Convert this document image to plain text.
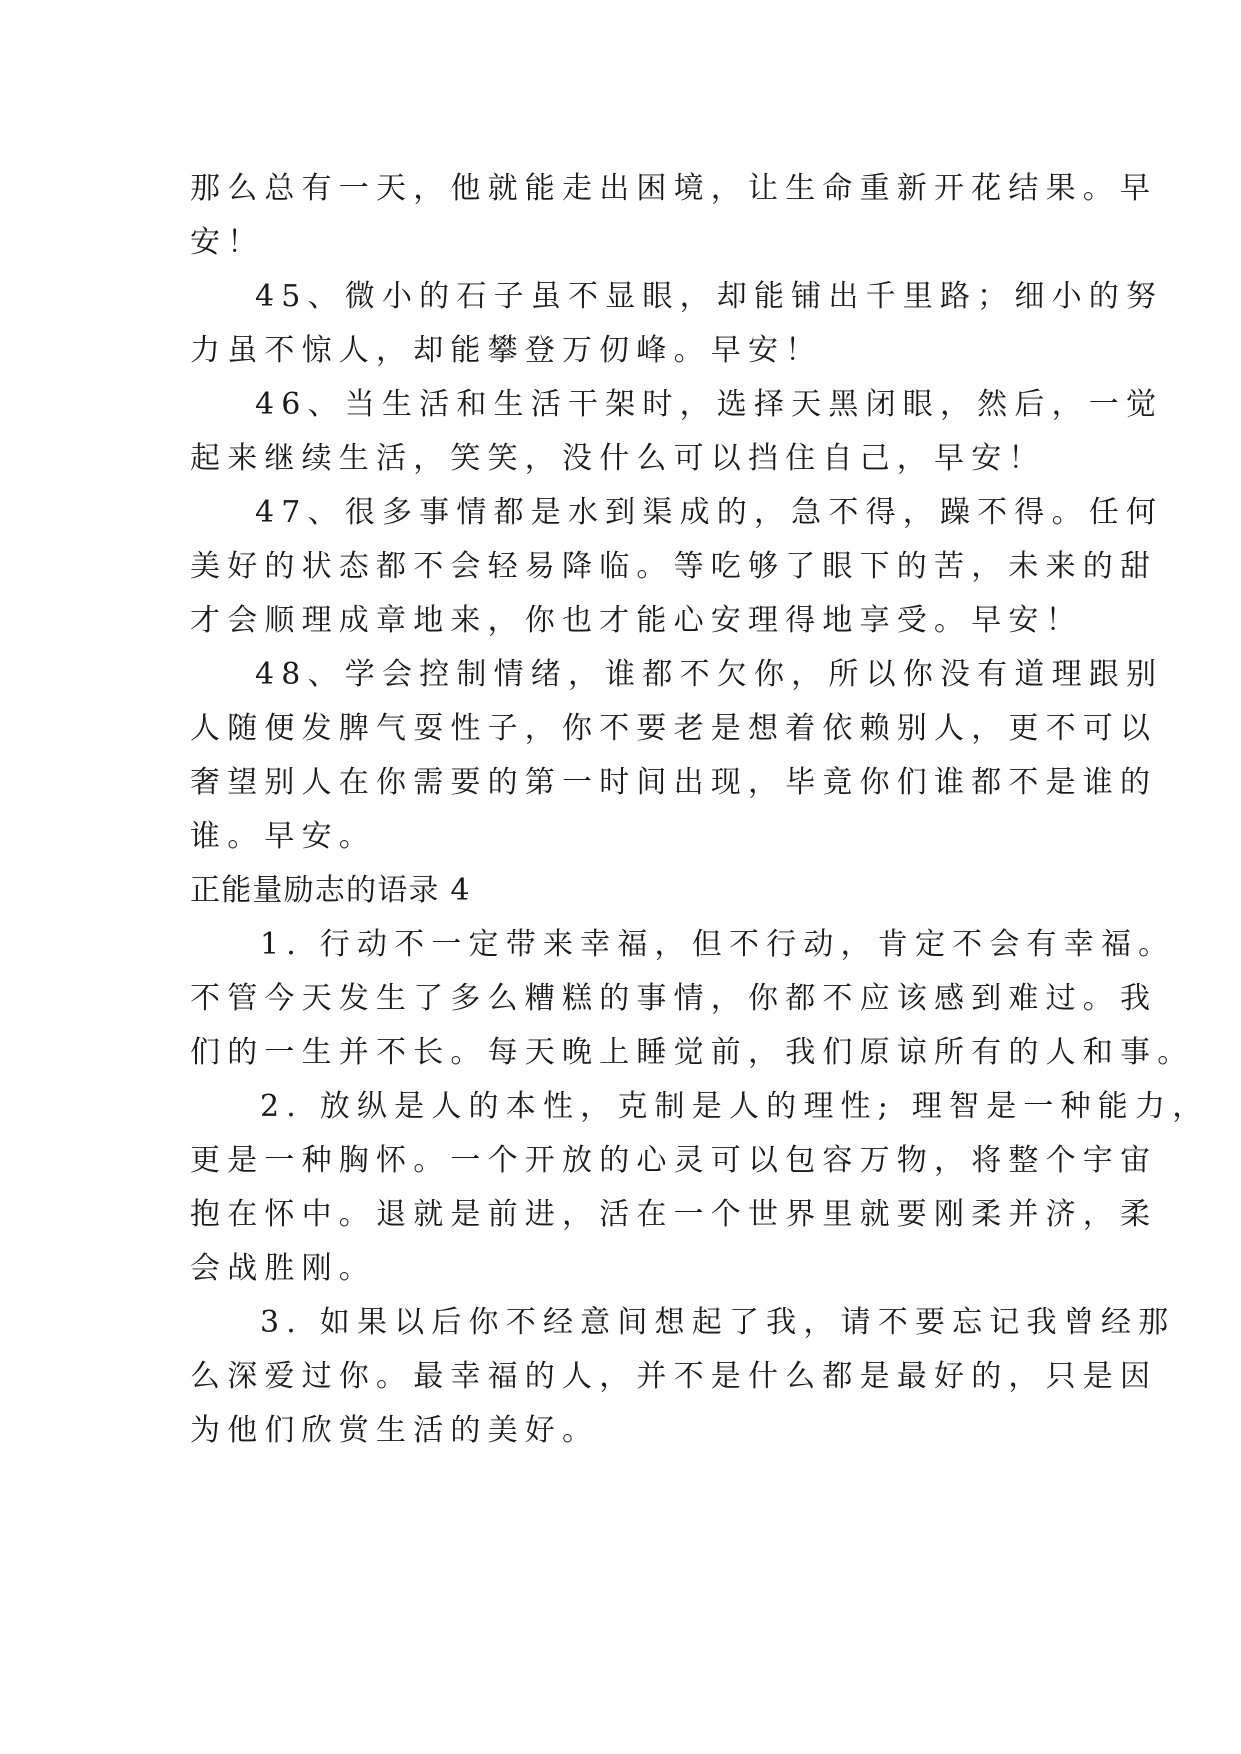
那么总有一天，他就能走出困境，让生命重新开花结果。早
安！
45、微小的石子虽不显眼，却能铺出千里路；细小的努
力虽不惊人，却能攀登万仞峰。早安！
46、当生活和生活干架时，选择天黑闭眼，然后，一觉
起来继续生活，笑笑，没什么可以挡住自己，早安！
47、很多事情都是水到渠成的，急不得，躁不得。任何
美好的状态都不会轻易降临。等吃够了眼下的苦，未来的甜
才会顺理成章地来，你也才能心安理得地享受。早安！
48、学会控制情绪，谁都不欠你，所以你没有道理跟别
人随便发脾气耍性子，你不要老是想着依赖别人，更不可以
奢望别人在你需要的第一时间出现，毕竟你们谁都不是谁的
谁。早安。
正能量励志的语录 4
1. 行动不一定带来幸福，但不行动，肯定不会有幸福。
不管今天发生了多么糟糕的事情，你都不应该感到难过。我
们的一生并不长。每天晚上睡觉前，我们原谅所有的人和事。
2. 放纵是人的本性，克制是人的理性; 理智是一种能力，
更是一种胸怀。一个开放的心灵可以包容万物，将整个宇宙
抱在怀中。退就是前进，活在一个世界里就要刚柔并济，柔
会战胜刚。
3. 如果以后你不经意间想起了我，请不要忘记我曾经那
么深爱过你。最幸福的人，并不是什么都是最好的，只是因
为他们欣赏生活的美好。
